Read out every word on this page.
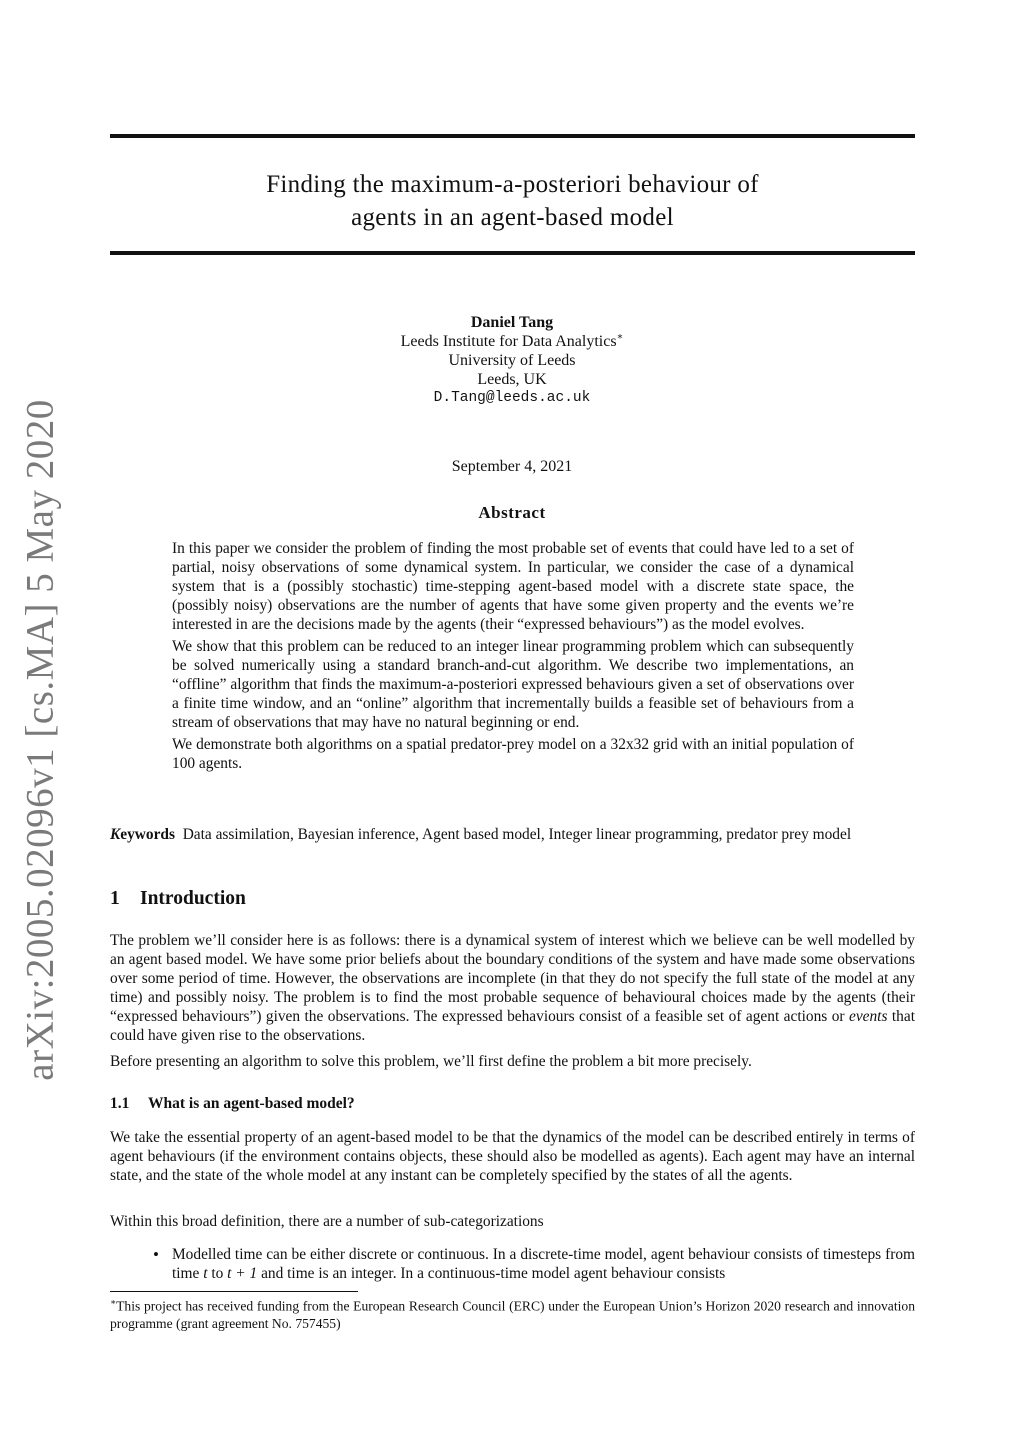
arXiv:2005.02096v1 [cs.MA] 5 May 2020
Finding the maximum-a-posteriori behaviour of
agents in an agent-based model
Daniel Tang
Leeds Institute for Data Analytics∗
University of Leeds
Leeds, UK
D.Tang@leeds.ac.uk
September 4, 2021
Abstract

In this paper we consider the problem of finding the most probable set of events that could have led to a set of partial, noisy observations of some dynamical system. In particular, we consider the case of a dynamical system that is a (possibly stochastic) time-stepping agent-based model with a discrete state space, the (possibly noisy) observations are the number of agents that have some given property and the events we’re interested in are the decisions made by the agents (their “expressed behaviours”) as the model evolves.

We show that this problem can be reduced to an integer linear programming problem which can subsequently be solved numerically using a standard branch-and-cut algorithm. We describe two implementations, an “offline” algorithm that finds the maximum-a-posteriori expressed behaviours given a set of observations over a finite time window, and an “online” algorithm that incrementally builds a feasible set of behaviours from a stream of observations that may have no natural beginning or end.

We demonstrate both algorithms on a spatial predator-prey model on a 32x32 grid with an initial population of 100 agents.

Keywords Data assimilation, Bayesian inference, Agent based model, Integer linear programming, predator prey model
1 Introduction

The problem we’ll consider here is as follows: there is a dynamical system of interest which we believe can be well modelled by an agent based model. We have some prior beliefs about the boundary conditions of the system and have made some observations over some period of time. However, the observations are incomplete (in that they do not specify the full state of the model at any time) and possibly noisy. The problem is to find the most probable sequence of behavioural choices made by the agents (their “expressed behaviours”) given the observations. The expressed behaviours consist of a feasible set of agent actions or events that could have given rise to the observations.

Before presenting an algorithm to solve this problem, we’ll first define the problem a bit more precisely.

1.1 What is an agent-based model?

We take the essential property of an agent-based model to be that the dynamics of the model can be described entirely in terms of agent behaviours (if the environment contains objects, these should also be modelled as agents). Each agent may have an internal state, and the state of the whole model at any instant can be completely specified by the states of all the agents.

Within this broad definition, there are a number of sub-categorizations

• Modelled time can be either discrete or continuous. In a discrete-time model, agent behaviour consists of timesteps from time t to t + 1 and time is an integer. In a continuous-time model agent behaviour consists
∗This project has received funding from the European Research Council (ERC) under the European Union’s Horizon 2020 research and innovation programme (grant agreement No. 757455)
